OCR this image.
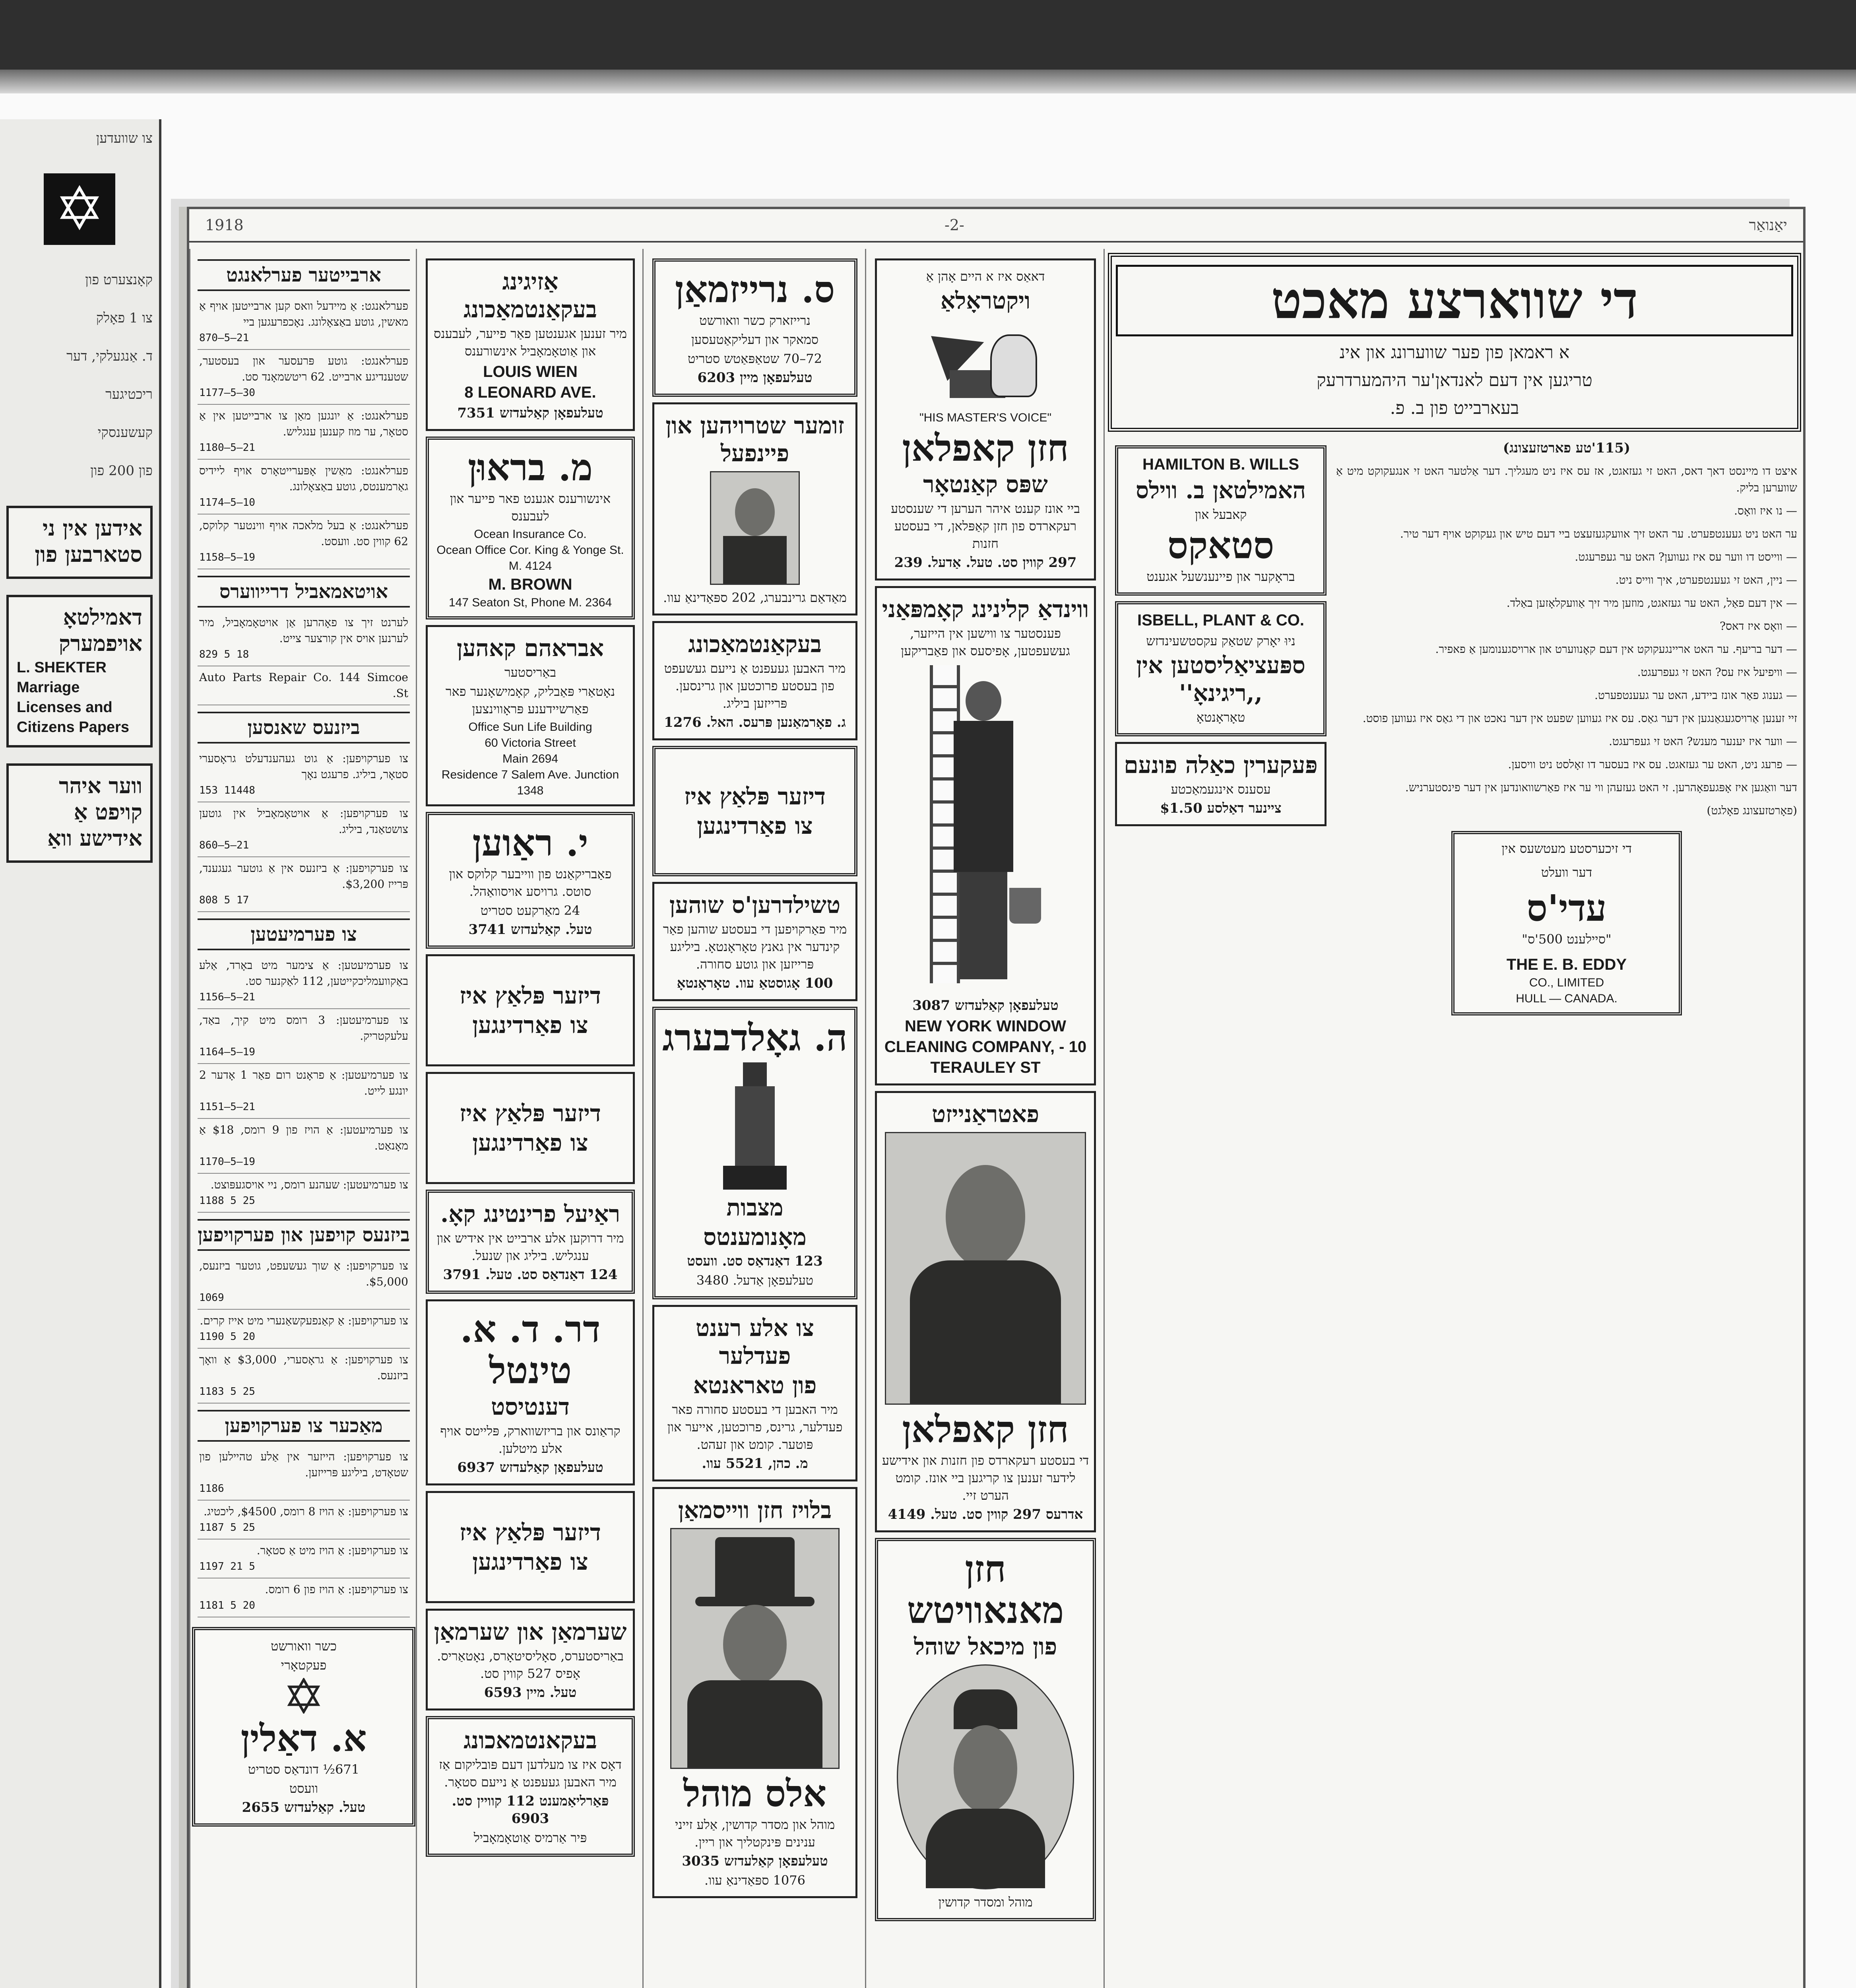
צו שוועדען
✡
קאָנצערט פון
צו 1 פאָלק
ד. אַנגעלקי, דער
ריכטיגער
קעשענסקי
פון 200 פון
אידען אין ני
סטארבען פון
דאמילטאָ
אויפמערק
L. SHEKTER
Marriage Licenses and Citizens Papers
ווער איהר קויפט אַ
אידישע וואַ
1918	-2-	יאַנואַר
ארבייטער פערלאנגט
פערלאנגט: אַ מיידעל וואס קען ארבייטען אויף אַ מאשין, גוטע באַצאָלונג. נאָכפרעגען ביי
870—5—21
פערלאנגט: גוטע פּרעסער און בעסטער, שטענדיגע ארבייט. 62 ריטשמאָנד סט.
1177—5—30
פערלאנגט: אַ יונגען מאַן צו ארבייטען אין אַ סטאָר, ער מוז קענען ענגליש.
1180—5—21
פערלאנגט: מאַשין אָפּערייטאָרס אויף ליידיס גאַרמענטס, גוטע באַצאָלונג.
1174—5—10
פערלאנגט: אַ בעל מלאכה אויף ווינטער קלוקס, 62 קווין סט. וועסט.
1158—5—19
אויטאמאביל דרייווערס
לערנט זיך צו פאָהרען אַן אויטאָמאָביל, מיר לערנען אויס אין קורצער צייט.
829 5 18
Auto Parts Repair Co. 144 Simcoe St.
ביזנעס שאנסען
צו פערקויפען: אַ גוט געהענדעלט גראָסערי סטאָר, ביליג. פרעגט נאָך
153 11448
צו פערקויפען: אַ אויטאָמאָביל אין גוטען צושטאַנד, ביליג.
860—5—21
צו פערקויפען: אַ ביזנעס אין אַ גוטער געגענד, פּרייז $3,200.
808 5 17
צו פערמיעטען
צו פערמיעטען: אַ צימער מיט באָרד, אַלע באַקוועמליכקייטען, 112 לאַקנער סט.
1156—5—21
צו פערמיעטען: 3 רומס מיט קיך, באַד, עלעקטריק.
1164—5—19
צו פערמיעטען: אַ פראָנט רום פאַר 1 אָדער 2 יונגע לייט.
1151—5—21
צו פערמיעטען: אַ הויז פון 9 רומס, $18 אַ מאָנאַט.
1170—5—19
צו פערמיעטען: שעהנע רומס, ניי אויסגעפּוצט.
1188 5 25
ביזנעס קויפען און פערקויפען
צו פערקויפען: אַ שוך געשעפט, גוטער ביזנעס, $5,000.
1069
צו פערקויפען: אַ קאַנפעקשאַנערי מיט אייז קרים.
1190 5 20
צו פערקויפען: אַ גראָסערי, $3,000 אַ וואָך ביזנעס.
1183 5 25
מאַכער צו פערקויפען
צו פערקויפען: הייזער אין אַלע טהיילען פון שטאָדט, ביליגע פּרייזען.
1186
צו פערקויפען: אַ הויז 8 רומס, $4500, ליכטיג.
1187 5 25
צו פערקויפען: אַ הויז מיט אַ סטאָר.
1197 21 5
צו פערקויפען: אַ הויז פון 6 רומס.
1181 5 20

כשר וואורשט

פעקטאָרי

א. דאַלין

671½ דונדאַס סטריט

וועסט

טעל. קאַלעדזש 2655

אַזיגינג בעקאַנטמאַכונג

מיר זענען אגענטען פאַר פייער, לעבענס און אַוטאָמאָביל אינשורענס

LOUIS WIEN
8 LEONARD AVE.

טעלעפאָן קאַלעדזש 7351

מ. בראוּן

אינשורענס אגענט פאר פייער און לעבענס

Ocean Insurance Co.
Ocean Office Cor. King & Yonge St. M. 4124
M. BROWN
147 Seaton St, Phone M. 2364
אבראהם קאהען

באַריסטער

נאָטאַרי פּאַבליק, קאָמישאָנער פאר פאַרשיידענע פּראָווינצען

Office Sun Life Building
60 Victoria Street
Main 2694
Residence 7 Salem Ave. Junction 1348
י. ראַוען

פאַבריקאַנט פון ווייבער קלוקס און סוטס. גרויסע אויסוואַהל.

24 מאַרקעט סטריט

טעל. קאַלעדזש 3741

דיזער פּלאַץ איז
צו פאַרדינגען
דיזער פּלאַץ איז
צו פאַרדינגען
ראַיעל פרינטינג קאָ.

מיר דרוקען אלע ארבייט אין אידיש און ענגליש. ביליג און שנעל.

124 דאַנדאַס סט. טעל. 3791

דר. ד. א. טינטל
דענטיסט

קראַונס און בריזשווארק, פּלייטס אויף אלע מיטלען.

טעלעפאָן קאַלעדזש 6937

דיזער פּלאַץ איז
צו פאַרדינגען
שערמאַן און שערמאַן

באַריסטערס, סאָליסיטאָרס, נאָטאַריס. אָפיס 527 קווין סט.

טעל. מיין 6593

בעקאנטמאכונג

דאָס איז צו מעלדען דעם פּובליקום אַז מיר האבען געעפנט אַ נייעם סטאָר.

פּאַרליאַמענט 112 קוויין סט. 6903

פּיר אַרמיס אַוטאָמאָביל

ס. נרייזמאַן

נרייזארק כשר וואורשט

סמאקר און דעליקאַטעסען

72–70 שטאַפּאַטש סטריט

טעלעפאָן מיין 6203

זומער שטרויהען און פיינפעל

מאַדאַם גרינבערג, 202 ספּאַדינאַ עוו.

בעקאַנטמאַכונג

מיר האבען געעפנט אַ נייעם געשעפט פון בעסטע פרוכטען און גרינסען. פּרייזען ביליג.

ג. פאָרמאַנען פּרעס. האל. 1276

דיזער פּלאַץ איז
צו פאַרדינגען
טשילדרען'ס שוהען

מיר פאַרקויפען די בעסטע שוהען פאַר קינדער אין גאנץ טאָראָנטאָ. ביליגע פּרייזען און גוטע סחורה.

100 אָגוסטאַ עוו. טאָראָנטאָ

ה. גאָלדבערג
מצבות
מאָנומענטס

123 דאַנדאַס סט. וועסט

טעלעפאָן אַדעל. 3480

צו אלע רענט פעדלער
פון טאראנטא

מיר האבען די בעסטע סחורה פאר פעדלער, גרינס, פרוכטען, אייער און פּוטער. קומט און זעהט.

מ. כהן, 5521 עוו.

בלויז חזן ווייסמאַן
אלס מוהל

מוהל און מסדר קדושין, אַלע זייני ענינים פּינקטליך און ריין.

טעלעפאָן קאַלעדזש 3035

1076 ספּאַדינאַ עוו.

דאאַס איז א היים אָהן אַ

ויקטראָלאַ
"HIS MASTER'S VOICE"
חזן קאפלאן
שפּס קאַנטאָר

ביי אונז קענט איהר הערען די שענסטע רעקארדס פון חזן קאַפּלאן, די בעסטע חזנות

297 קווין סט. טעל. אַדעל. 239

ווינדאַ קלינינג קאָמפּאַני

פענסטער צו ווישען אין הייזער, געשעפטען, אָפיסעס און פאַבריקען

טעלעפאָן קאַלעדזש 3087

NEW YORK WINDOW CLEANING COMPANY, - 10 TERAULEY ST
פאטראַנייזט
חזן קאפלאן

די בעסטע רעקארדס פון חזנות און אידישע לידער זענען צו קריגען ביי אונז. קומט הערט זיי.

אדרעס 297 קווין סט. טעל. 4149

חזן מאנאוויטש
פון מיכאל שוהל

מוהל ומסדר קדושין

די שווארצע מאכט

א ראמאן פון פער שווערונג און אינ

טריגען אין דעם לאנדאן'ער היהמערדרעק

בעארבייט פון ב. פ.

(115'טע פארטזעצונג)

איצט דו מיינסט דאך דאס, האט זי געזאגט, אז עס איז ניט מעגליך. דער אַלטער האט זי אנגעקוקט מיט אַ שווערען בליק.

— נו איז וואָס.

ער האט ניט געענטפערט. ער האט זיך אוועקגעזעצט ביי דעם טיש און געקוקט אויף דער טיר.

— ווייסט דו ווער עס איז געווען? האט ער געפרעגט.

— ניין, האט זי געענטפערט, איך ווייס ניט.

— אין דעם פאַל, האט ער געזאגט, מוזען מיר זיך אַוועקלאָזען באַלד.

— וואָס איז דאס?

— דער בריעף. ער האט אריינגעקוקט אין דעם קאָנווערט און ארויסגענומען אַ פאפיר.

— וויפיעל איז עס? האט זי געפרעגט.

— גענוג פאַר אונז ביידע, האט ער געענטפערט.

זיי זענען אַרויסגעגאַנגען אין דער גאַס. עס איז געווען שפעט אין דער נאכט און די גאַס איז געווען פוסט.

— ווער איז יענער מענש? האט זי געפרעגט.

— פרעג ניט, האט ער געזאגט. עס איז בעסער דו זאָלסט ניט וויסען.

דער וואַגען איז אָפּגעפאָהרען. זי האט געזעהן ווי ער איז פאַרשוואונדען אין דער פינסטערניש.

(פאָרטזעצונג פאָלגט)

די זיכערסטע מעטשעס אין

דער וועלט

עדי'ס

"סיילענט 500'ס"

THE E. B. EDDY
CO., LIMITED
HULL — CANADA.
HAMILTON B. WILLS
האמילטאן ב. ווילס

קאבעל און

סטאקס

בראָקער און פיינענשעל אגענט

ISBELL, PLANT & CO.

ניוּ יאָרק שטאַק עקסטשעינדזש

ספּעציאַליסטען אין ,,ריגינאָ''

טאָראָנטאָ

פּעקערין כאַלה פונעם

עסענס אינגעמאַכטע

ציינער דאַלסע $1.50
